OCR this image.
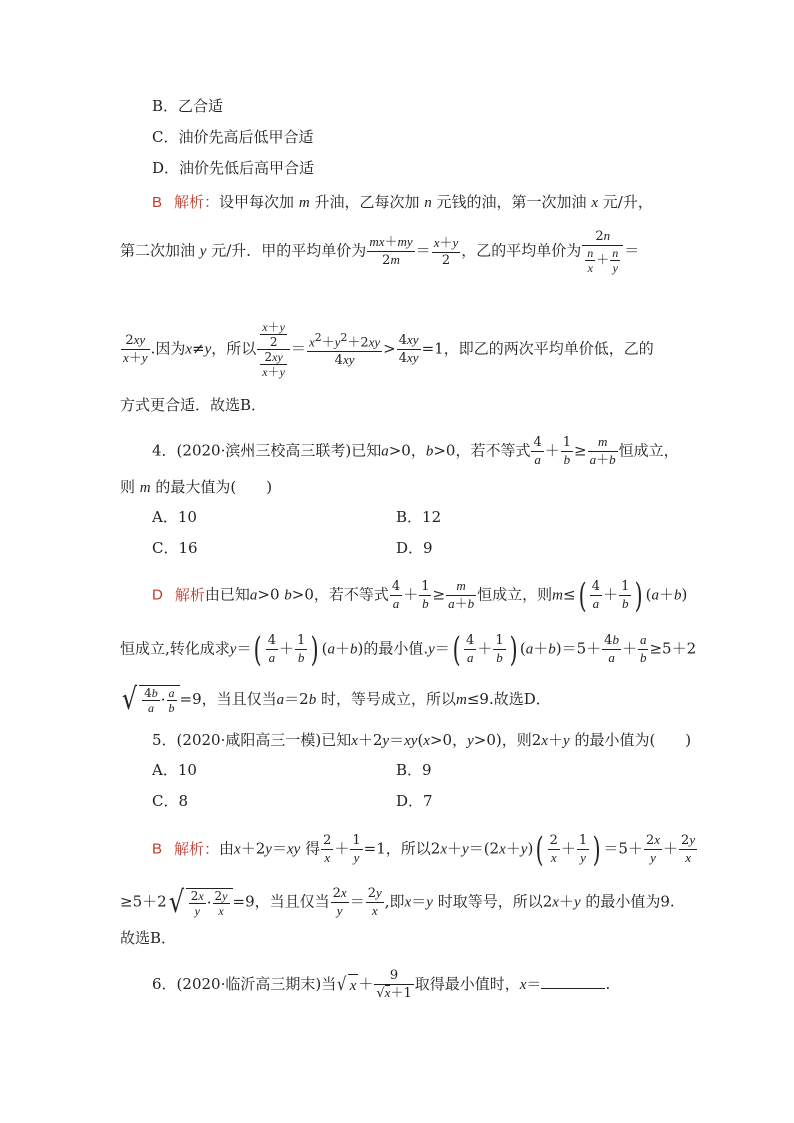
B．乙合适
C．油价先高后低甲合适
D．油价先低后高甲合适
B 解析：设甲每次加 m 升油，乙每次加 n 元钱的油，第一次加油 x 元/升，
第二次加油 y 元/升．甲的平均单价为 $\frac{mx+my}{2m} = \frac{x+y}{2}$ ，乙的平均单价为 $\frac{2n}{\frac{n}{x} + \frac{n}{y}}$ ＝
$\frac{2xy}{x+y}$ .因为x≠y，所以 $\frac{\frac{x+y}{2}}{\frac{2xy}{x+y}} = \frac{x^2+y^2+2xy}{4xy} > \frac{4xy}{4xy} =1$，即乙的两次平均单价低，乙的
方式更合适．故选B．
4．(2020·滨州三校高三联考)已知a>0，b>0，若不等式 $\frac{4}{a} + \frac{1}{b} \ge \frac{m}{a+b}$ 恒成立，
则 m 的最大值为(　　)
A．10	B．12
C．16	D．9
D 解析由已知a>0 b>0，若不等式 $\frac{4}{a} + \frac{1}{b} \ge \frac{m}{a+b}$ 恒成立，则$m\le( \frac{4}{a} + \frac{1}{b}$ ) (a＋b)
恒成立,转化成求$y=( \frac{4}{a} + \frac{1}{b}$ ) (a＋b)的最小值$.y=( \frac{4}{a} + \frac{1}{b}$ ) $(a+b)=5+ \frac{4b}{a} + \frac{a}{b} \ge 5+2$
√ $\frac{4b}{a} \cdot \frac{a}{b} =9$，当且仅当a＝2b 时，等号成立，所以m≤9.故选D．
5．(2020·咸阳高三一模)已知x＋2y＝xy(x>0，y>0)，则2x＋y 的最小值为(　　)
A．10	B．9
C．8	D．7
B 解析：由x＋2y＝xy 得 $\frac{2}{x} + \frac{1}{y} =1$，所以$2x+y=(2x+y)( \frac{2}{x} + \frac{1}{y}$ ) $=5+ \frac{2x}{y} + \frac{2y}{x}$
$\ge 5+2√ \frac{2x}{y} \cdot \frac{2y}{x} =9$，当且仅当 $\frac{2x}{y} = \frac{2y}{x}$ ,即x＝y 时取等号，所以2x＋y 的最小值为9.
故选B．
6．(2020·临沂高三期末)当√ $x + \frac{9}{√x+1}$ 取得最小值时，x＝	.
